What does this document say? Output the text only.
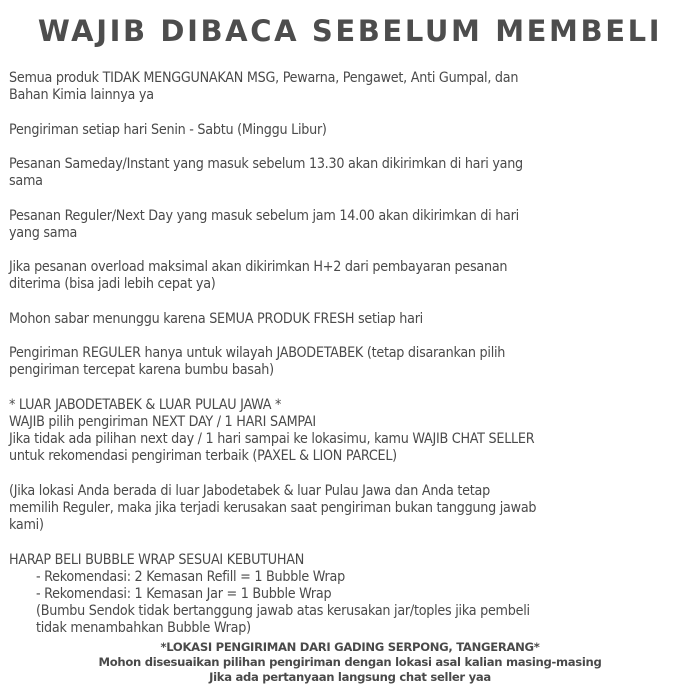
WAJIB DIBACA SEBELUM MEMBELI
Semua produk TIDAK MENGGUNAKAN MSG, Pewarna, Pengawet, Anti Gumpal, dan
Bahan Kimia lainnya ya
Pengiriman setiap hari Senin - Sabtu (Minggu Libur)
Pesanan Sameday/Instant yang masuk sebelum 13.30 akan dikirimkan di hari yang
sama
Pesanan Reguler/Next Day yang masuk sebelum jam 14.00 akan dikirimkan di hari
yang sama
Jika pesanan overload maksimal akan dikirimkan H+2 dari pembayaran pesanan
diterima (bisa jadi lebih cepat ya)
Mohon sabar menunggu karena SEMUA PRODUK FRESH setiap hari
Pengiriman REGULER hanya untuk wilayah JABODETABEK (tetap disarankan pilih
pengiriman tercepat karena bumbu basah)
* LUAR JABODETABEK & LUAR PULAU JAWA *
WAJIB pilih pengiriman NEXT DAY / 1 HARI SAMPAI
Jika tidak ada pilihan next day / 1 hari sampai ke lokasimu, kamu WAJIB CHAT SELLER
untuk rekomendasi pengiriman terbaik (PAXEL & LION PARCEL)
(Jika lokasi Anda berada di luar Jabodetabek & luar Pulau Jawa dan Anda tetap
memilih Reguler, maka jika terjadi kerusakan saat pengiriman bukan tanggung jawab
kami)
HARAP BELI BUBBLE WRAP SESUAI KEBUTUHAN
- Rekomendasi: 2 Kemasan Refill = 1 Bubble Wrap
- Rekomendasi: 1 Kemasan Jar = 1 Bubble Wrap
(Bumbu Sendok tidak bertanggung jawab atas kerusakan jar/toples jika pembeli
tidak menambahkan Bubble Wrap)
*LOKASI PENGIRIMAN DARI GADING SERPONG, TANGERANG*
Mohon disesuaikan pilihan pengiriman dengan lokasi asal kalian masing-masing
Jika ada pertanyaan langsung chat seller yaa
